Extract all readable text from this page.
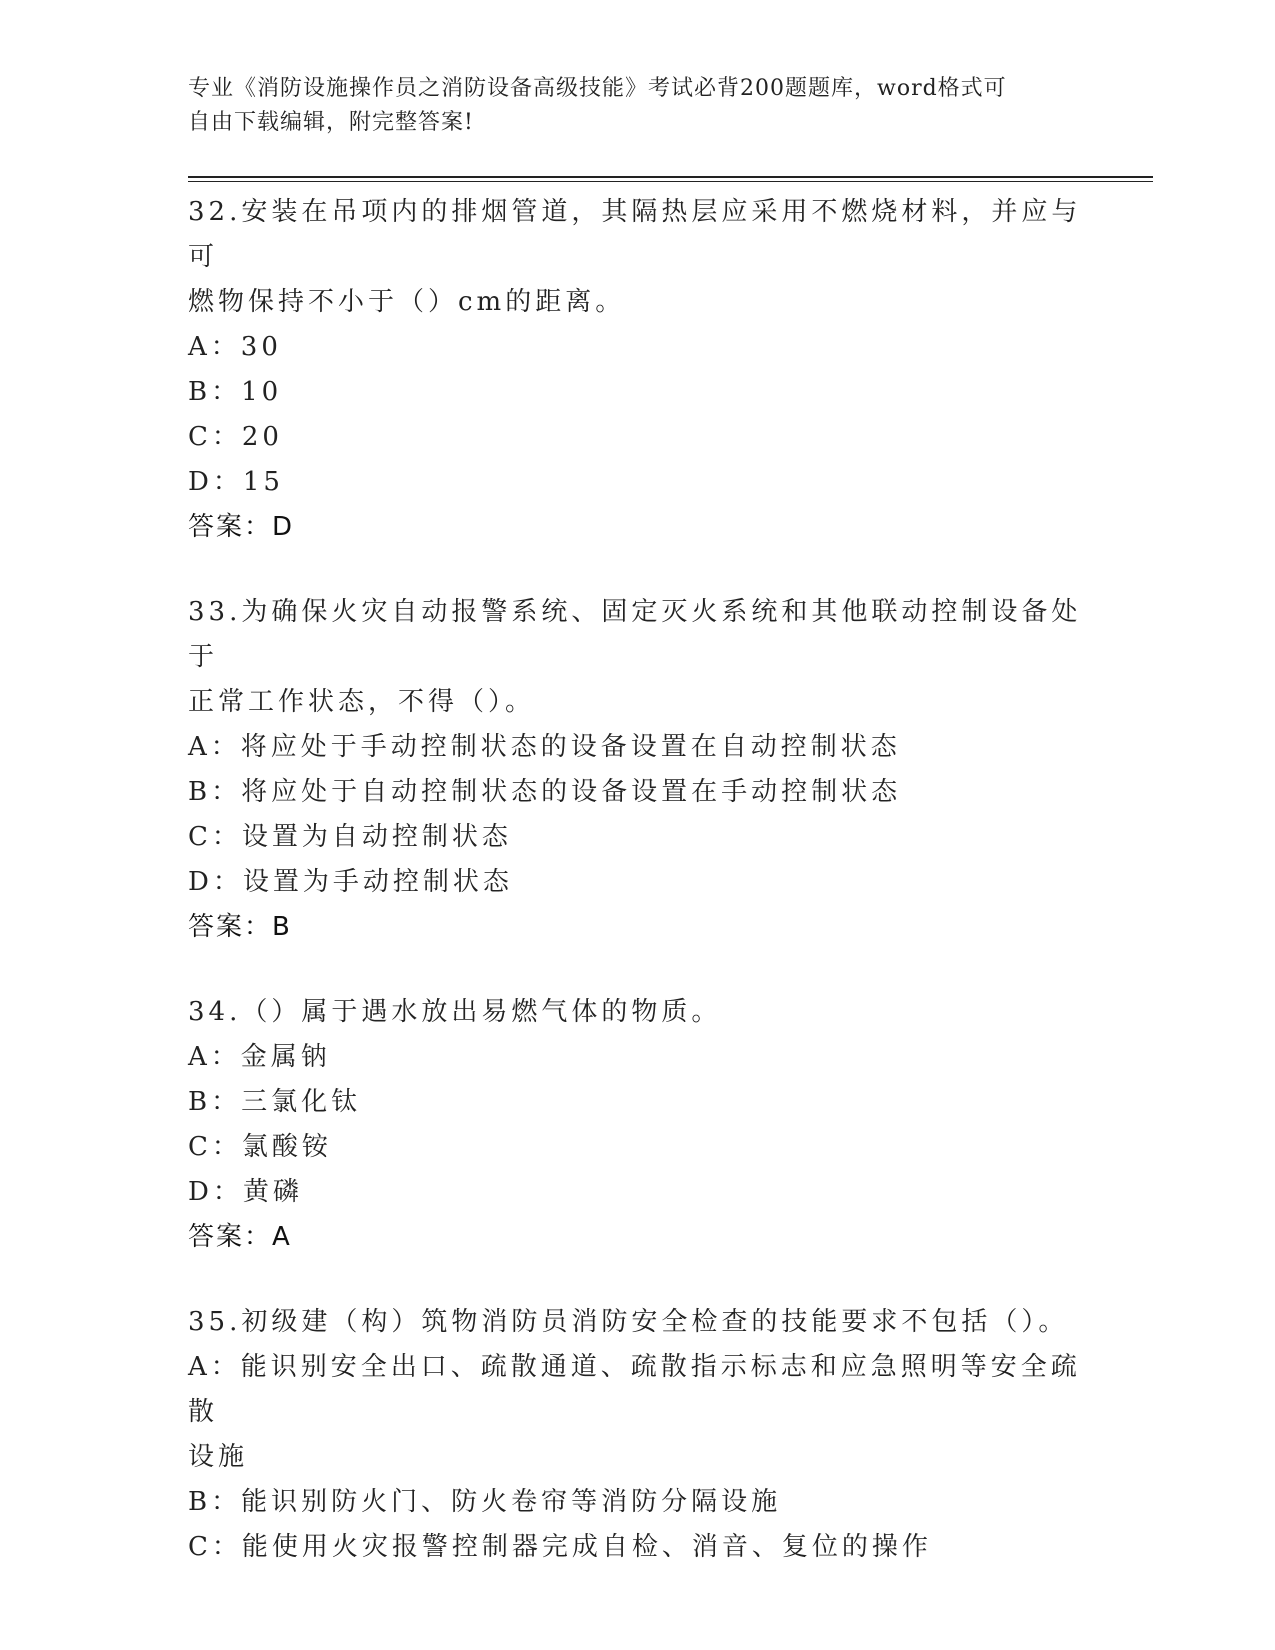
专业《消防设施操作员之消防设备高级技能》考试必背200题题库，word格式可
自由下载编辑，附完整答案!
32.安装在吊项内的排烟管道，其隔热层应采用不燃烧材料，并应与可
燃物保持不小于（）cm的距离。
A：30
B：10
C：20
D：15
答案：D
33.为确保火灾自动报警系统、固定灭火系统和其他联动控制设备处于
正常工作状态，不得（）。
A：将应处于手动控制状态的设备设置在自动控制状态
B：将应处于自动控制状态的设备设置在手动控制状态
C：设置为自动控制状态
D：设置为手动控制状态
答案：B
34.（）属于遇水放出易燃气体的物质。
A：金属钠
B：三氯化钛
C：氯酸铵
D：黄磷
答案：A
35.初级建（构）筑物消防员消防安全检查的技能要求不包括（）。
A：能识别安全出口、疏散通道、疏散指示标志和应急照明等安全疏散
设施
B：能识别防火门、防火卷帘等消防分隔设施
C：能使用火灾报警控制器完成自检、消音、复位的操作
